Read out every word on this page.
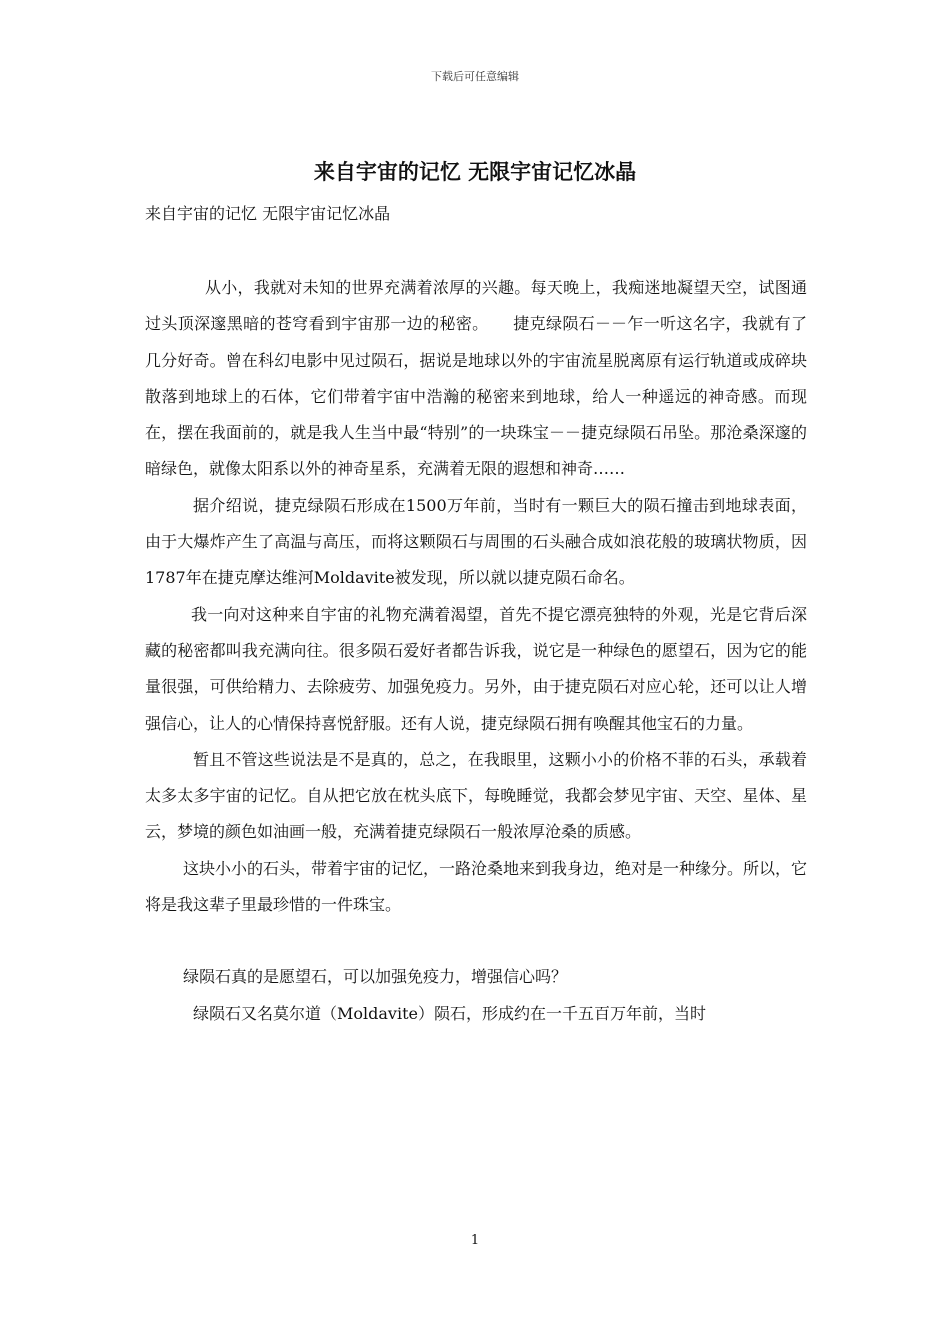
下载后可任意编辑
来自宇宙的记忆 无限宇宙记忆冰晶

来自宇宙的记忆 无限宇宙记忆冰晶

从小，我就对未知的世界充满着浓厚的兴趣。每天晚上，我痴迷地凝望天空，试图通过头顶深邃黑暗的苍穹看到宇宙那一边的秘密。　　捷克绿陨石－－乍一听这名字，我就有了几分好奇。曾在科幻电影中见过陨石，据说是地球以外的宇宙流星脱离原有运行轨道或成碎块散落到地球上的石体，它们带着宇宙中浩瀚的秘密来到地球，给人一种遥远的神奇感。而现在，摆在我面前的，就是我人生当中最“特别”的一块珠宝－－捷克绿陨石吊坠。那沧桑深邃的暗绿色，就像太阳系以外的神奇星系，充满着无限的遐想和神奇……

据介绍说，捷克绿陨石形成在1500万年前，当时有一颗巨大的陨石撞击到地球表面，由于大爆炸产生了高温与高压，而将这颗陨石与周围的石头融合成如浪花般的玻璃状物质，因1787年在捷克摩达维河Moldavite被发现，所以就以捷克陨石命名。

我一向对这种来自宇宙的礼物充满着渴望，首先不提它漂亮独特的外观，光是它背后深藏的秘密都叫我充满向往。很多陨石爱好者都告诉我，说它是一种绿色的愿望石，因为它的能量很强，可供给精力、去除疲劳、加强免疫力。另外，由于捷克陨石对应心轮，还可以让人增强信心，让人的心情保持喜悦舒服。还有人说，捷克绿陨石拥有唤醒其他宝石的力量。

暂且不管这些说法是不是真的，总之，在我眼里，这颗小小的价格不菲的石头，承载着太多太多宇宙的记忆。自从把它放在枕头底下，每晚睡觉，我都会梦见宇宙、天空、星体、星云，梦境的颜色如油画一般，充满着捷克绿陨石一般浓厚沧桑的质感。

这块小小的石头，带着宇宙的记忆，一路沧桑地来到我身边，绝对是一种缘分。所以，它将是我这辈子里最珍惜的一件珠宝。

绿陨石真的是愿望石，可以加强免疫力，增强信心吗？

绿陨石又名莫尔道（Moldavite）陨石，形成约在一千五百万年前，当时

1
